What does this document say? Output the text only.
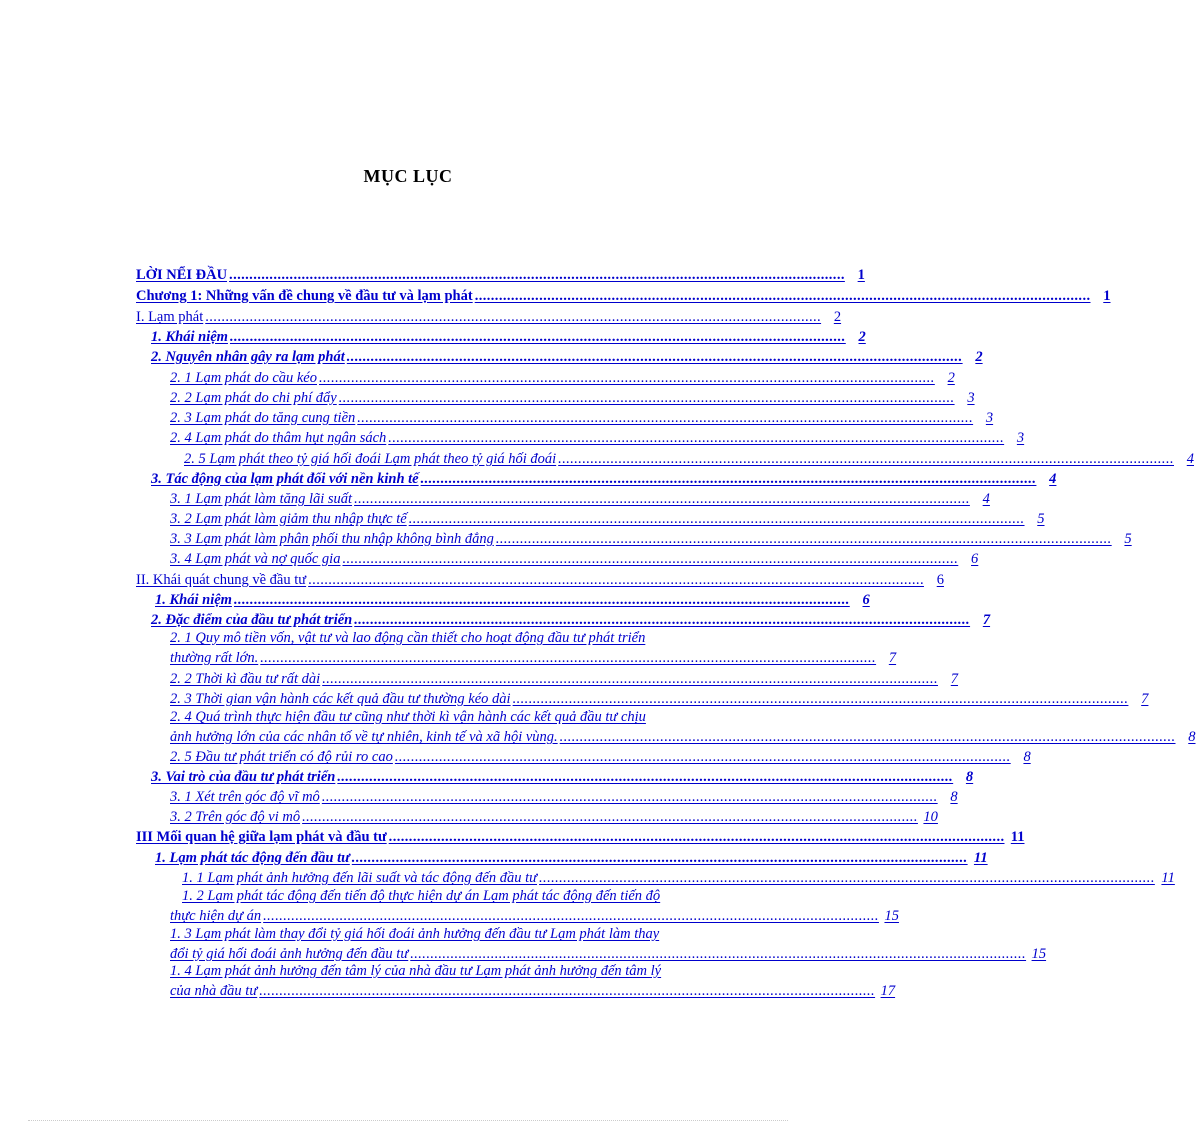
MỤC LỤC
LỜI NỂI ĐẦU ......................................................................................................................................................... 1
Chương 1: Những vấn đề chung về đầu tư và lạm phát ......................................................................................................................................................... 1
I. Lạm phát ......................................................................................................................................................... 2
1. Khái niệm ......................................................................................................................................................... 2
2. Nguyên nhân gây ra lạm phát ......................................................................................................................................................... 2
2. 1 Lạm phát do cầu kéo ......................................................................................................................................................... 2
2. 2 Lạm phát do chi phí đẩy ......................................................................................................................................................... 3
2. 3 Lạm phát do tăng cung tiền ......................................................................................................................................................... 3
2. 4 Lạm phát do thâm hụt ngân sách ......................................................................................................................................................... 3
2. 5 Lạm phát theo tỷ giá hối đoái Lạm phát theo tỷ giá hối đoái ......................................................................................................................................................... 4
3. Tác động của lạm phát đối với nền kinh tế ......................................................................................................................................................... 4
3. 1 Lạm phát làm tăng lãi suất ......................................................................................................................................................... 4
3. 2 Lạm phát làm giảm thu nhập thực tế ......................................................................................................................................................... 5
3. 3 Lạm phát làm phân phối thu nhập không bình đẳng ......................................................................................................................................................... 5
3. 4 Lạm phát và nợ quốc gia ......................................................................................................................................................... 6
II. Khái quát chung về đầu tư ......................................................................................................................................................... 6
1. Khái niệm ......................................................................................................................................................... 6
2. Đặc điểm của đầu tư phát triển ......................................................................................................................................................... 7
2. 1 Quy mô tiền vốn, vật tư và lao động cần thiết cho hoạt động đầu tư phát triển
thường rất lớn. ......................................................................................................................................................... 7
2. 2 Thời kì đầu tư rất dài ......................................................................................................................................................... 7
2. 3 Thời gian vận hành các kết quả đầu tư thường kéo dài ......................................................................................................................................................... 7
2. 4 Quá trình thực hiện đầu tư cũng như thời kì vận hành các kết quả đầu tư chịu
ảnh hưởng lớn của các nhân tố về tự nhiên, kinh tế và xã hội vùng. ......................................................................................................................................................... 8
2. 5 Đầu tư phát triển có độ rủi ro cao ......................................................................................................................................................... 8
3. Vai trò của đầu tư phát triển ......................................................................................................................................................... 8
3. 1 Xét trên góc độ vĩ mô ......................................................................................................................................................... 8
3. 2 Trên góc độ vi mô ......................................................................................................................................................... 10
III Mối quan hệ giữa lạm phát và đầu tư ......................................................................................................................................................... 11
1. Lạm phát tác động đến đầu tư ......................................................................................................................................................... 11
1. 1 Lạm phát ảnh hưởng đến lãi suất và tác động đến đầu tư ......................................................................................................................................................... 11
1. 2 Lạm phát tác động đến tiến độ thực hiện dự án Lạm phát tác động đến tiến độ
thực hiện dự án ......................................................................................................................................................... 15
1. 3 Lạm phát làm thay đổi tỷ giá hối đoái ảnh hưởng đến đầu tư Lạm phát làm thay
đổi tỷ giá hối đoái ảnh hưởng đến đầu tư ......................................................................................................................................................... 15
1. 4 Lạm phát ảnh hưởng đến tâm lý của nhà đầu tư Lạm phát ảnh hưởng đến tâm lý
của nhà đầu tư ......................................................................................................................................................... 17
